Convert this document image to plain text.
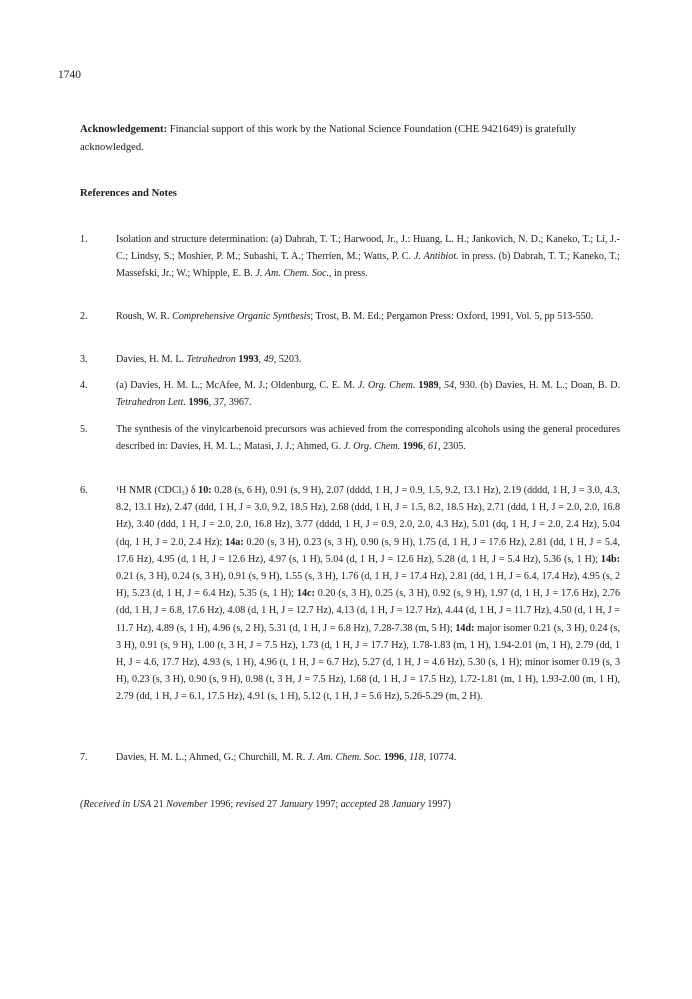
1740
Acknowledgement: Financial support of this work by the National Science Foundation (CHE 9421649) is gratefully acknowledged.
References and Notes
1.	Isolation and structure determination: (a) Dabrah, T. T.; Harwood, Jr., J.: Huang, L. H.; Jankovich, N. D.; Kaneko, T.; Li, J.- C.; Lindsy, S.; Moshier, P. M.; Subashi, T. A.; Therrien, M.; Watts, P. C. J. Antibiot. in press. (b) Dabrah, T. T.; Kaneko, T.; Massefski, Jr.; W.; Whipple, E. B. J. Am. Chem. Soc., in press.
2.	Roush, W. R. Comprehensive Organic Synthesis; Trost, B. M. Ed.; Pergamon Press: Oxford, 1991, Vol. 5, pp 513-550.
3.	Davies, H. M. L. Tetrahedron 1993, 49, 5203.
4.	(a) Davies, H. M. L.; McAfee, M. J.; Oldenburg, C. E. M. J. Org. Chem. 1989, 54, 930. (b) Davies, H. M. L.; Doan, B. D. Tetrahedron Lett. 1996, 37, 3967.
5.	The synthesis of the vinylcarbenoid precursors was achieved from the corresponding alcohols using the general procedures described in: Davies, H. M. L.; Matasi, J. J.; Ahmed, G. J. Org. Chem. 1996, 61, 2305.
6.	¹H NMR (CDCl₃) δ 10: 0.28 (s, 6 H), 0.91 (s, 9 H), 2.07 (dddd, 1 H, J = 0.9, 1.5, 9.2, 13.1 Hz), 2.19 (dddd, 1 H, J = 3.0, 4.3, 8.2, 13.1 Hz), 2.47 (ddd, 1 H, J = 3.0, 9.2, 18.5 Hz), 2.68 (ddd, 1 H, J = 1.5, 8.2, 18.5 Hz), 2.71 (ddd, 1 H, J = 2.0, 2.0, 16.8 Hz), 3.40 (ddd, 1 H, J = 2.0, 2.0, 16.8 Hz), 3.77 (dddd, 1 H, J = 0.9, 2.0, 2.0, 4.3 Hz), 5.01 (dq, 1 H, J = 2.0, 2.4 Hz), 5.04 (dq, 1 H, J = 2.0, 2.4 Hz); 14a: 0.20 (s, 3 H), 0.23 (s, 3 H), 0.90 (s, 9 H), 1.75 (d, 1 H, J = 17.6 Hz), 2.81 (dd, 1 H, J = 5.4, 17.6 Hz), 4.95 (d, 1 H, J = 12.6 Hz), 4.97 (s, 1 H), 5.04 (d, 1 H, J = 12.6 Hz), 5.28 (d, 1 H, J = 5.4 Hz), 5.36 (s, 1 H); 14b: 0.21 (s, 3 H), 0.24 (s, 3 H), 0.91 (s, 9 H), 1.55 (s, 3 H), 1.76 (d, 1 H, J = 17.4 Hz), 2.81 (dd, 1 H, J = 6.4, 17.4 Hz), 4.95 (s, 2 H), 5.23 (d, 1 H, J = 6.4 Hz), 5.35 (s, 1 H); 14c: 0.20 (s, 3 H), 0.25 (s, 3 H), 0.92 (s, 9 H), 1.97 (d, 1 H, J = 17.6 Hz), 2.76 (dd, 1 H, J = 6.8, 17.6 Hz), 4.08 (d, 1 H, J = 12.7 Hz), 4.13 (d, 1 H, J = 12.7 Hz), 4.44 (d, 1 H, J = 11.7 Hz), 4.50 (d, 1 H, J = 11.7 Hz), 4.89 (s, 1 H), 4.96 (s, 2 H), 5.31 (d, 1 H, J = 6.8 Hz), 7.28-7.38 (m, 5 H); 14d: major isomer 0.21 (s, 3 H), 0.24 (s, 3 H), 0.91 (s, 9 H), 1.00 (t, 3 H, J = 7.5 Hz), 1.73 (d, 1 H, J = 17.7 Hz), 1.78-1.83 (m, 1 H), 1.94-2.01 (m, 1 H), 2.79 (dd, 1 H, J = 4.6, 17.7 Hz), 4.93 (s, 1 H), 4.96 (t, 1 H, J = 6.7 Hz), 5.27 (d, 1 H, J = 4.6 Hz), 5.30 (s, 1 H); minor isomer 0.19 (s, 3 H), 0.23 (s, 3 H), 0.90 (s, 9 H), 0.98 (t, 3 H, J = 7.5 Hz), 1.68 (d, 1 H, J = 17.5 Hz), 1.72-1.81 (m, 1 H), 1.93-2.00 (m, 1 H), 2.79 (dd, 1 H, J = 6.1, 17.5 Hz), 4.91 (s, 1 H), 5.12 (t, 1 H, J = 5.6 Hz), 5.26-5.29 (m, 2 H).
7.	Davies, H. M. L.; Ahmed, G.; Churchill, M. R. J. Am. Chem. Soc. 1996, 118, 10774.
(Received in USA 21 November 1996; revised 27 January 1997; accepted 28 January 1997)
